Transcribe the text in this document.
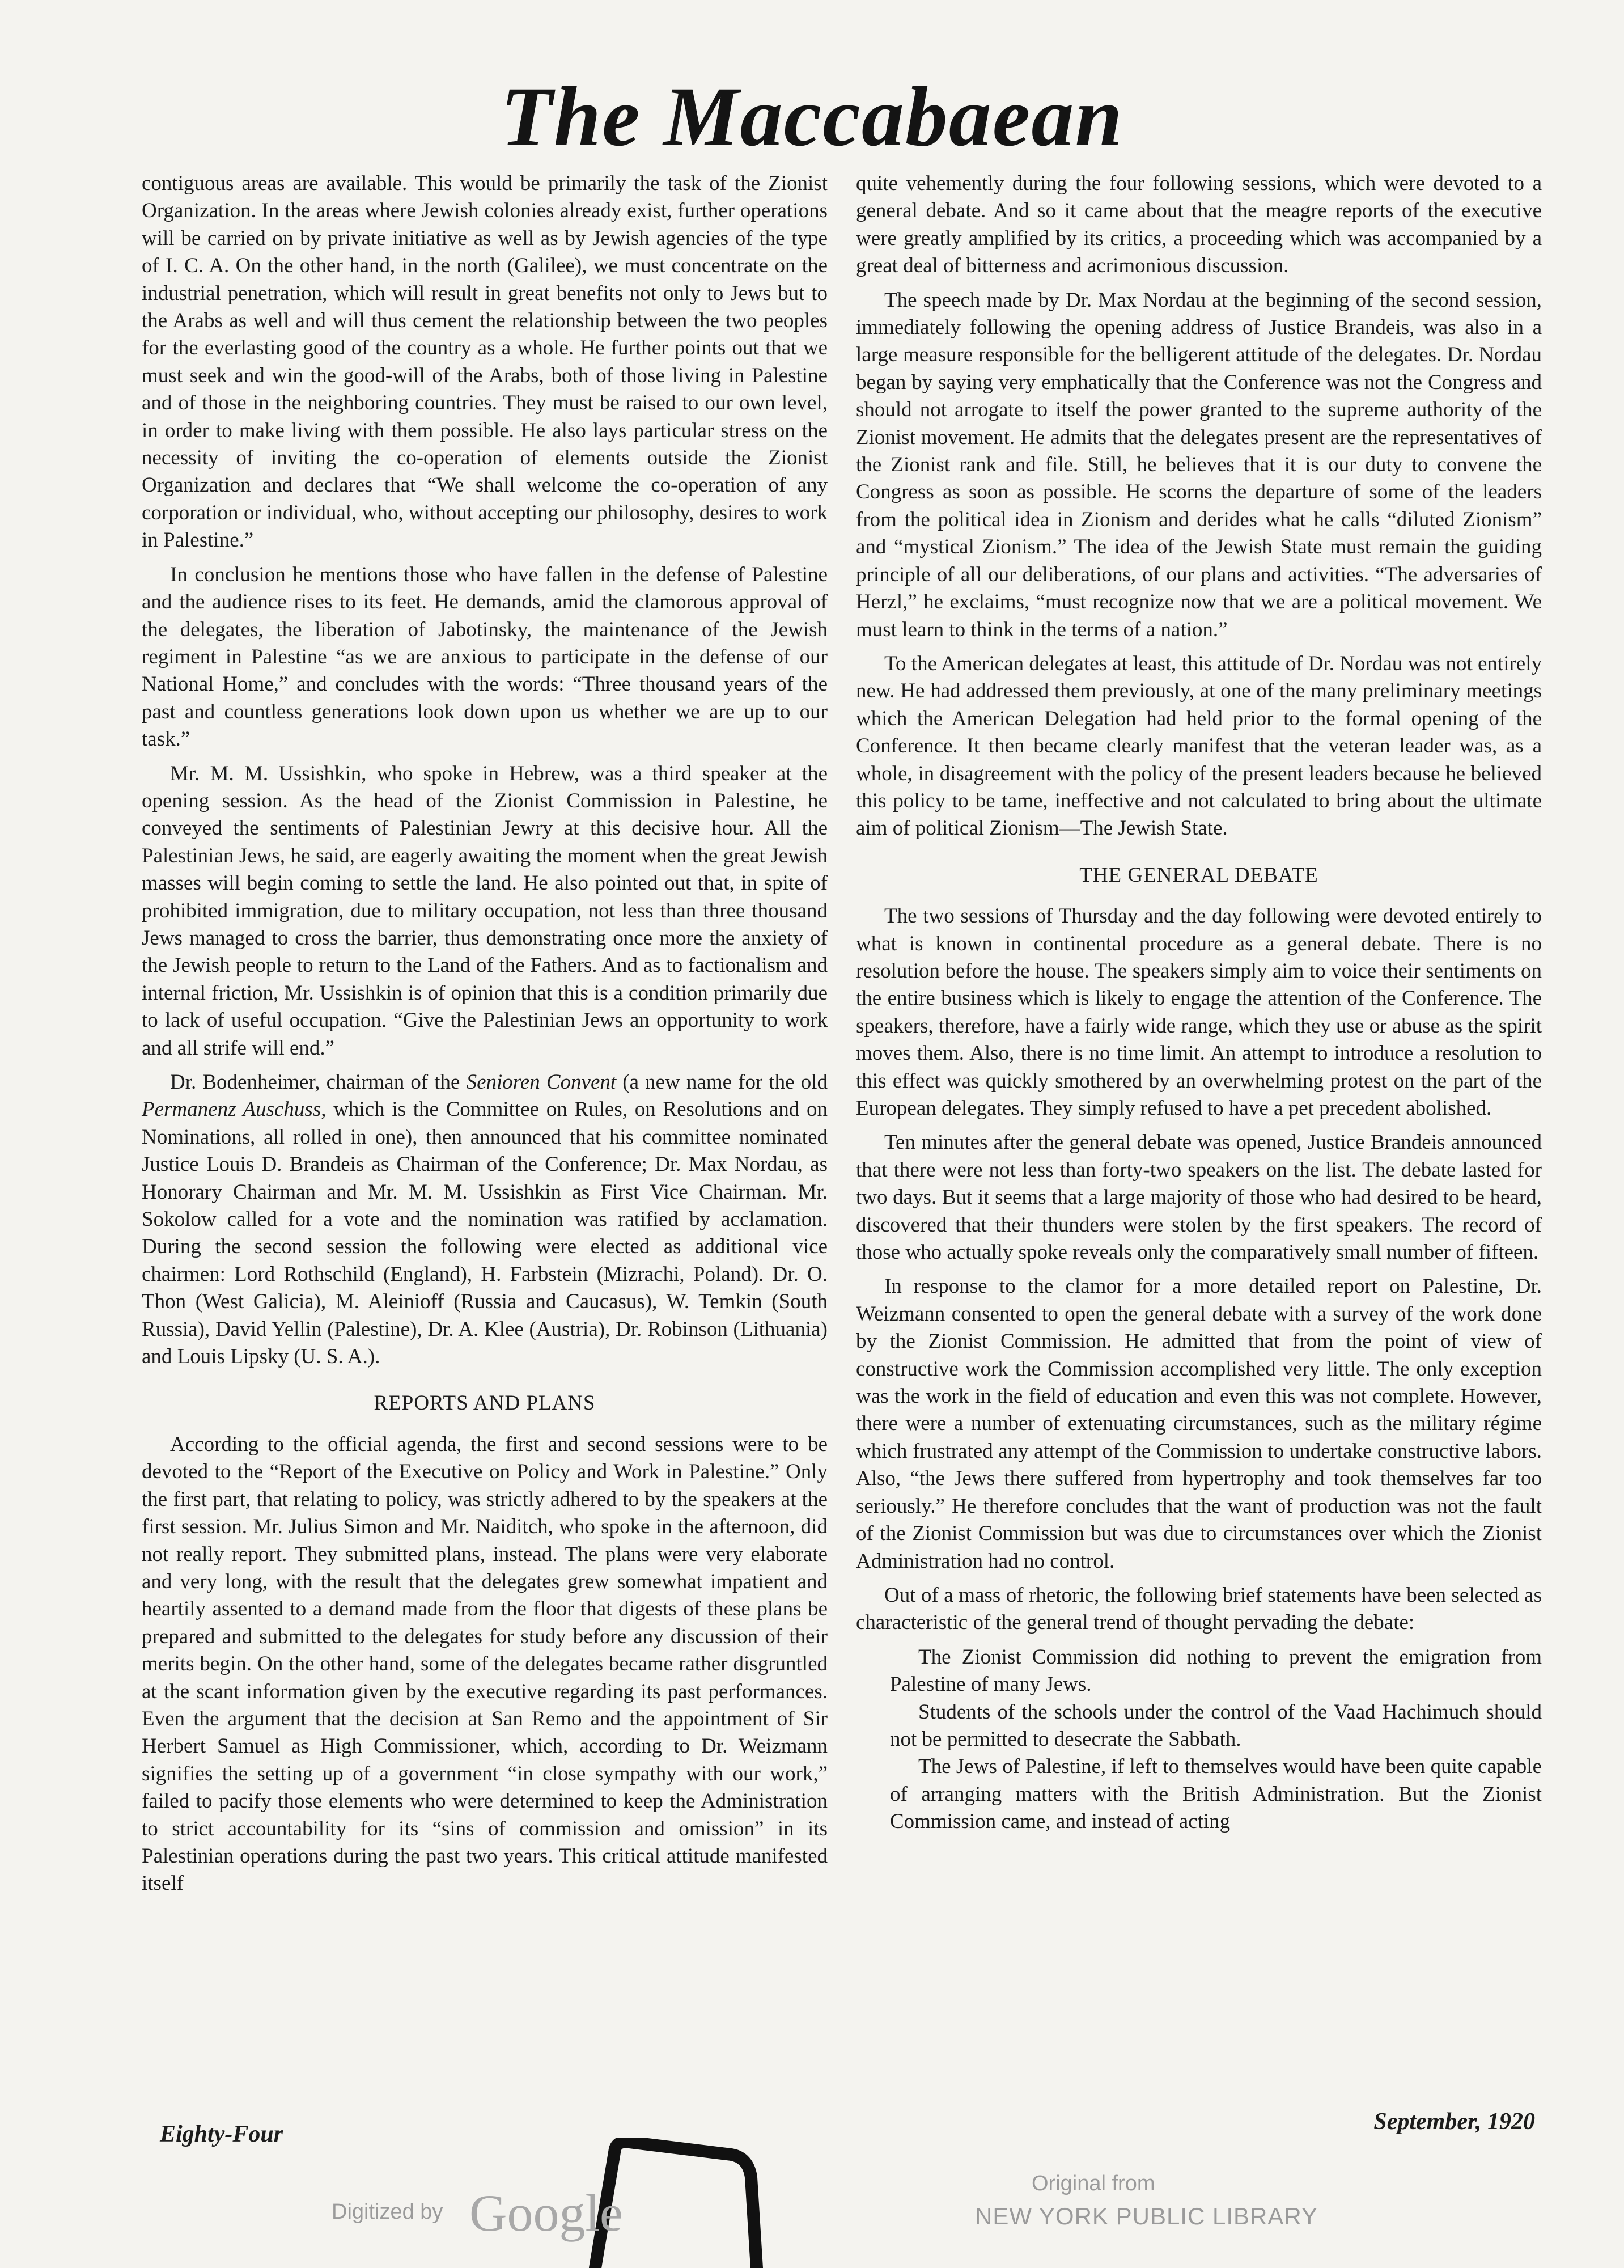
The Maccabaean

contiguous areas are available. This would be primarily the task of the Zionist Organization. In the areas where Jewish colonies already exist, further operations will be carried on by private initiative as well as by Jewish agencies of the type of I. C. A. On the other hand, in the north (Galilee), we must concentrate on the industrial penetration, which will result in great benefits not only to Jews but to the Arabs as well and will thus cement the relationship between the two peoples for the everlasting good of the country as a whole. He further points out that we must seek and win the good-will of the Arabs, both of those living in Palestine and of those in the neighboring countries. They must be raised to our own level, in order to make living with them possible. He also lays particular stress on the necessity of inviting the co-operation of elements outside the Zionist Organization and declares that “We shall welcome the co-operation of any corporation or individual, who, without accepting our philosophy, desires to work in Palestine.”

In conclusion he mentions those who have fallen in the defense of Palestine and the audience rises to its feet. He demands, amid the clamorous approval of the delegates, the liberation of Jabotinsky, the maintenance of the Jewish regiment in Palestine “as we are anxious to participate in the defense of our National Home,” and concludes with the words: “Three thousand years of the past and countless generations look down upon us whether we are up to our task.”

Mr. M. M. Ussishkin, who spoke in Hebrew, was a third speaker at the opening session. As the head of the Zionist Commission in Palestine, he conveyed the sentiments of Palestinian Jewry at this decisive hour. All the Palestinian Jews, he said, are eagerly awaiting the moment when the great Jewish masses will begin coming to settle the land. He also pointed out that, in spite of prohibited immigration, due to military occupation, not less than three thousand Jews managed to cross the barrier, thus demonstrating once more the anxiety of the Jewish people to return to the Land of the Fathers. And as to factionalism and internal friction, Mr. Ussishkin is of opinion that this is a condition primarily due to lack of useful occupation. “Give the Palestinian Jews an opportunity to work and all strife will end.”

Dr. Bodenheimer, chairman of the Senioren Convent (a new name for the old Permanenz Auschuss, which is the Committee on Rules, on Resolutions and on Nominations, all rolled in one), then announced that his committee nominated Justice Louis D. Brandeis as Chairman of the Conference; Dr. Max Nordau, as Honorary Chairman and Mr. M. M. Ussishkin as First Vice Chairman. Mr. Sokolow called for a vote and the nomination was ratified by acclamation. During the second session the following were elected as additional vice chairmen: Lord Rothschild (England), H. Farbstein (Mizrachi, Poland). Dr. O. Thon (West Galicia), M. Aleinioff (Russia and Caucasus), W. Temkin (South Russia), David Yellin (Palestine), Dr. A. Klee (Austria), Dr. Robinson (Lithuania) and Louis Lipsky (U. S. A.).

REPORTS AND PLANS

According to the official agenda, the first and second sessions were to be devoted to the “Report of the Executive on Policy and Work in Palestine.” Only the first part, that relating to policy, was strictly adhered to by the speakers at the first session. Mr. Julius Simon and Mr. Naiditch, who spoke in the afternoon, did not really report. They submitted plans, instead. The plans were very elaborate and very long, with the result that the delegates grew somewhat impatient and heartily assented to a demand made from the floor that digests of these plans be prepared and submitted to the delegates for study before any discussion of their merits begin. On the other hand, some of the delegates became rather disgruntled at the scant information given by the executive regarding its past performances. Even the argument that the decision at San Remo and the appointment of Sir Herbert Samuel as High Commissioner, which, according to Dr. Weizmann signifies the setting up of a government “in close sympathy with our work,” failed to pacify those elements who were determined to keep the Administration to strict accountability for its “sins of commission and omission” in its Palestinian operations during the past two years. This critical attitude manifested itself

quite vehemently during the four following sessions, which were devoted to a general debate. And so it came about that the meagre reports of the executive were greatly amplified by its critics, a proceeding which was accompanied by a great deal of bitterness and acrimonious discussion.

The speech made by Dr. Max Nordau at the beginning of the second session, immediately following the opening address of Justice Brandeis, was also in a large measure responsible for the belligerent attitude of the delegates. Dr. Nordau began by saying very emphatically that the Conference was not the Congress and should not arrogate to itself the power granted to the supreme authority of the Zionist movement. He admits that the delegates present are the representatives of the Zionist rank and file. Still, he believes that it is our duty to convene the Congress as soon as possible. He scorns the departure of some of the leaders from the political idea in Zionism and derides what he calls “diluted Zionism” and “mystical Zionism.” The idea of the Jewish State must remain the guiding principle of all our deliberations, of our plans and activities. “The adversaries of Herzl,” he exclaims, “must recognize now that we are a political movement. We must learn to think in the terms of a nation.”

To the American delegates at least, this attitude of Dr. Nordau was not entirely new. He had addressed them previously, at one of the many preliminary meetings which the American Delegation had held prior to the formal opening of the Conference. It then became clearly manifest that the veteran leader was, as a whole, in disagreement with the policy of the present leaders because he believed this policy to be tame, ineffective and not calculated to bring about the ultimate aim of political Zionism—The Jewish State.

THE GENERAL DEBATE

The two sessions of Thursday and the day following were devoted entirely to what is known in continental procedure as a general debate. There is no resolution before the house. The speakers simply aim to voice their sentiments on the entire business which is likely to engage the attention of the Conference. The speakers, therefore, have a fairly wide range, which they use or abuse as the spirit moves them. Also, there is no time limit. An attempt to introduce a resolution to this effect was quickly smothered by an overwhelming protest on the part of the European delegates. They simply refused to have a pet precedent abolished.

Ten minutes after the general debate was opened, Justice Brandeis announced that there were not less than forty-two speakers on the list. The debate lasted for two days. But it seems that a large majority of those who had desired to be heard, discovered that their thunders were stolen by the first speakers. The record of those who actually spoke reveals only the comparatively small number of fifteen.

In response to the clamor for a more detailed report on Palestine, Dr. Weizmann consented to open the general debate with a survey of the work done by the Zionist Commission. He admitted that from the point of view of constructive work the Commission accomplished very little. The only exception was the work in the field of education and even this was not complete. However, there were a number of extenuating circumstances, such as the military régime which frustrated any attempt of the Commission to undertake constructive labors. Also, “the Jews there suffered from hypertrophy and took themselves far too seriously.” He therefore concludes that the want of production was not the fault of the Zionist Commission but was due to circumstances over which the Zionist Administration had no control.

Out of a mass of rhetoric, the following brief statements have been selected as characteristic of the general trend of thought pervading the debate:

The Zionist Commission did nothing to prevent the emigration from Palestine of many Jews.

Students of the schools under the control of the Vaad Hachimuch should not be permitted to desecrate the Sabbath.

The Jews of Palestine, if left to themselves would have been quite capable of arranging matters with the British Administration. But the Zionist Commission came, and instead of acting

Eighty-Four	September, 1920
Digitized by Google
Original from
NEW YORK PUBLIC LIBRARY
